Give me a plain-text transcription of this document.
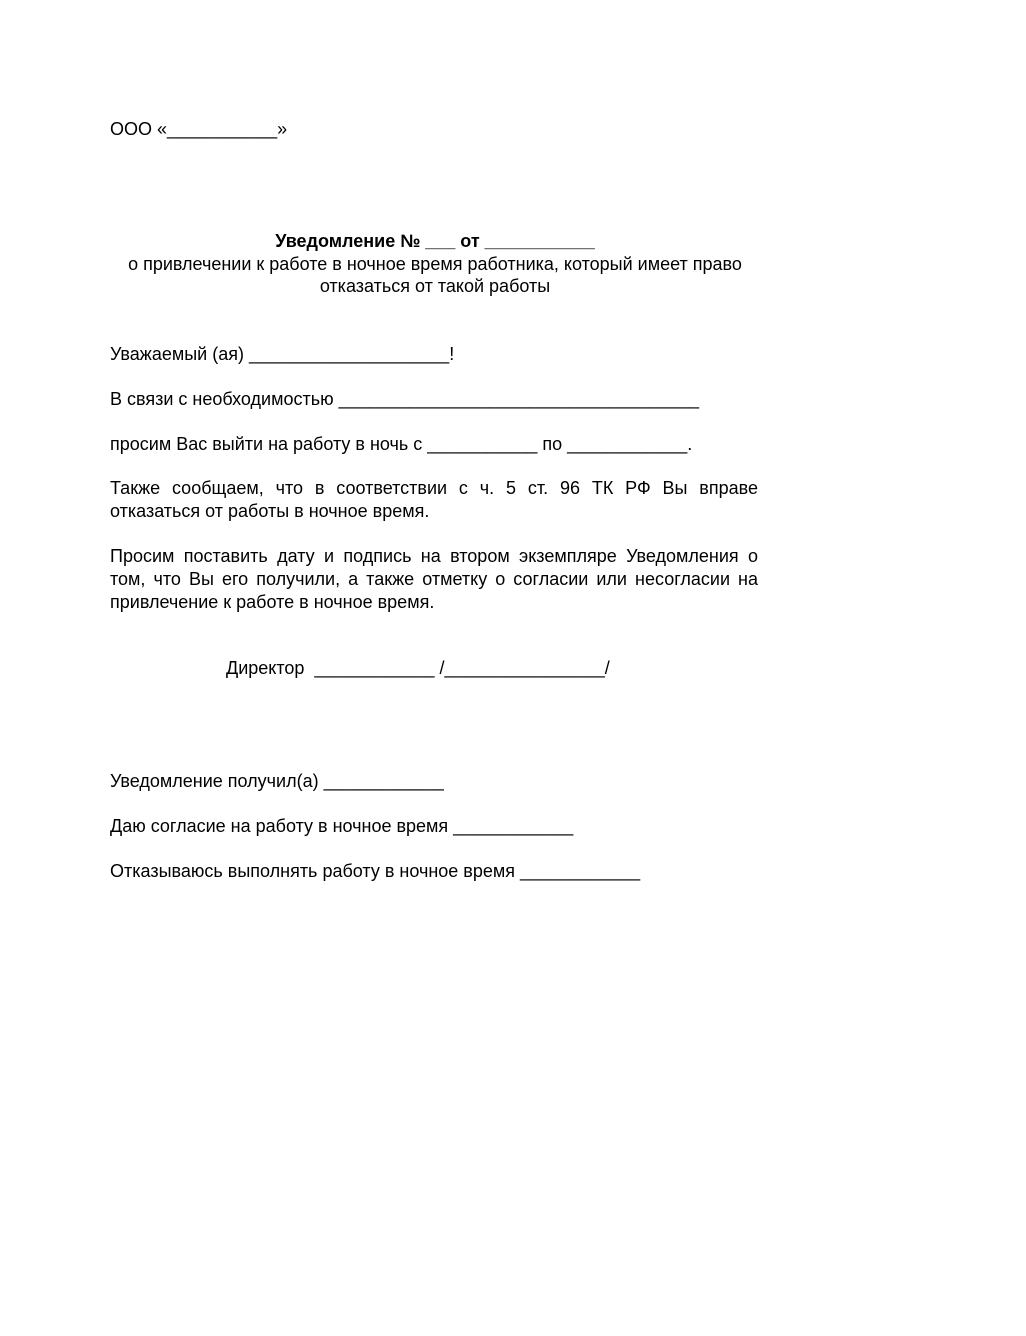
ООО «___________»
Уведомление № ___ от ___________
о привлечении к работе в ночное время работника, который имеет право отказаться от такой работы
Уважаемый (ая) ____________________!
В связи с необходимостью ____________________________________
просим Вас выйти на работу в ночь с ___________ по ____________.
Также сообщаем, что в соответствии с ч. 5 ст. 96 ТК РФ Вы вправе отказаться от работы в ночное время.
Просим поставить дату и подпись на втором экземпляре Уведомления о том, что Вы его получили, а также отметку о согласии или несогласии на привлечение к работе в ночное время.
Директор  ____________ /________________/
Уведомление получил(а) ____________
Даю согласие на работу в ночное время ____________
Отказываюсь выполнять работу в ночное время ____________
